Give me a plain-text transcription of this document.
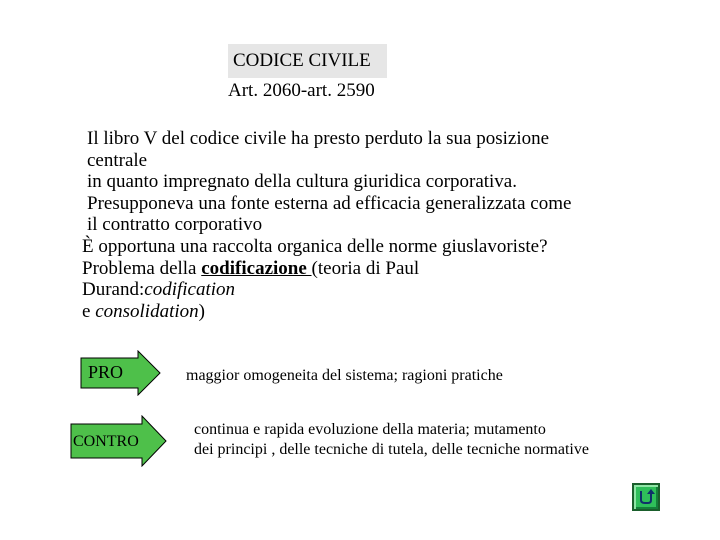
CODICE CIVILE
Art. 2060-art. 2590
Il libro V del codice civile ha presto perduto la sua posizione
centrale
in quanto impregnato della cultura giuridica corporativa.
Presupponeva una fonte esterna ad efficacia generalizzata come
il contratto corporativo
È opportuna una raccolta organica delle norme giuslavoriste?
Problema della codificazione (teoria di Paul
Durand:codification
e consolidation)
PRO	maggior omogeneita del sistema; ragioni pratiche
CONTRO
continua e rapida evoluzione della materia; mutamento
dei principi , delle tecniche di tutela, delle tecniche normative
